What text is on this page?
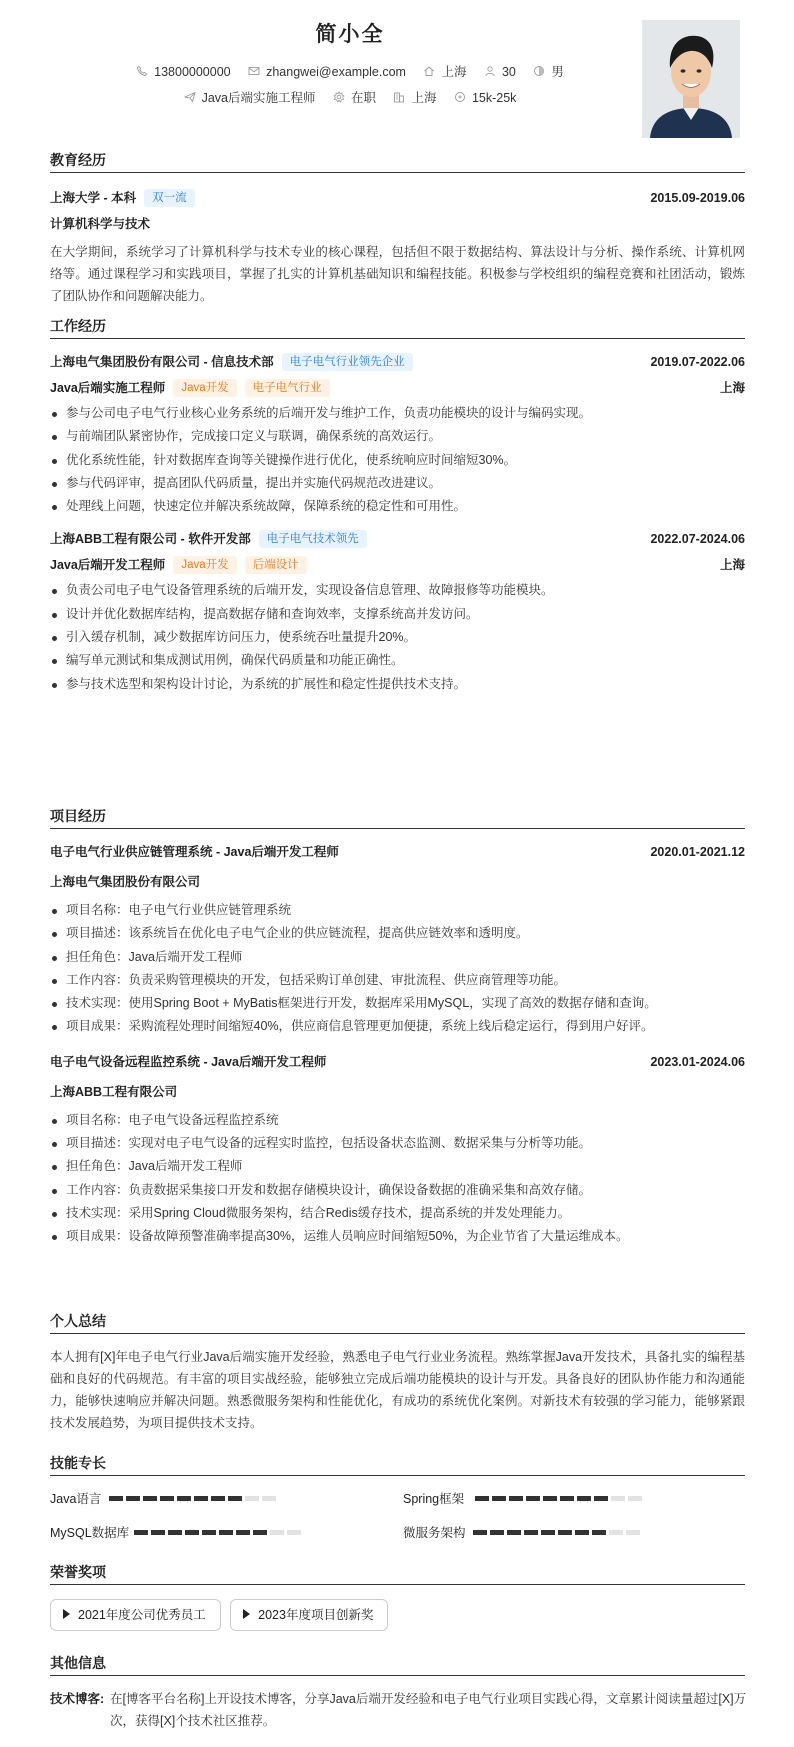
简小全
13800000000	zhangwei@example.com	上海	30	男
Java后端实施工程师	在职	上海	15k-25k
教育经历
上海大学 - 本科 双一流	2015.09-2019.06
计算机科学与技术
在大学期间，系统学习了计算机科学与技术专业的核心课程，包括但不限于数据结构、算法设计与分析、操作系统、计算机网络等。通过课程学习和实践项目，掌握了扎实的计算机基础知识和编程技能。积极参与学校组织的编程竞赛和社团活动，锻炼了团队协作和问题解决能力。
工作经历
上海电气集团股份有限公司 - 信息技术部 电子电气行业领先企业	2019.07-2022.06
Java后端实施工程师 Java开发 电子电气行业	上海
参与公司电子电气行业核心业务系统的后端开发与维护工作，负责功能模块的设计与编码实现。
与前端团队紧密协作，完成接口定义与联调，确保系统的高效运行。
优化系统性能，针对数据库查询等关键操作进行优化，使系统响应时间缩短30%。
参与代码评审，提高团队代码质量，提出并实施代码规范改进建议。
处理线上问题，快速定位并解决系统故障，保障系统的稳定性和可用性。
上海ABB工程有限公司 - 软件开发部 电子电气技术领先	2022.07-2024.06
Java后端开发工程师 Java开发 后端设计	上海
负责公司电子电气设备管理系统的后端开发，实现设备信息管理、故障报修等功能模块。
设计并优化数据库结构，提高数据存储和查询效率，支撑系统高并发访问。
引入缓存机制，减少数据库访问压力，使系统吞吐量提升20%。
编写单元测试和集成测试用例，确保代码质量和功能正确性。
参与技术选型和架构设计讨论，为系统的扩展性和稳定性提供技术支持。
项目经历
电子电气行业供应链管理系统 - Java后端开发工程师	2020.01-2021.12
上海电气集团股份有限公司
项目名称：电子电气行业供应链管理系统
项目描述：该系统旨在优化电子电气企业的供应链流程，提高供应链效率和透明度。
担任角色：Java后端开发工程师
工作内容：负责采购管理模块的开发，包括采购订单创建、审批流程、供应商管理等功能。
技术实现：使用Spring Boot + MyBatis框架进行开发，数据库采用MySQL，实现了高效的数据存储和查询。
项目成果：采购流程处理时间缩短40%，供应商信息管理更加便捷，系统上线后稳定运行，得到用户好评。
电子电气设备远程监控系统 - Java后端开发工程师	2023.01-2024.06
上海ABB工程有限公司
项目名称：电子电气设备远程监控系统
项目描述：实现对电子电气设备的远程实时监控，包括设备状态监测、数据采集与分析等功能。
担任角色：Java后端开发工程师
工作内容：负责数据采集接口开发和数据存储模块设计，确保设备数据的准确采集和高效存储。
技术实现：采用Spring Cloud微服务架构，结合Redis缓存技术，提高系统的并发处理能力。
项目成果：设备故障预警准确率提高30%，运维人员响应时间缩短50%，为企业节省了大量运维成本。
个人总结
本人拥有[X]年电子电气行业Java后端实施开发经验，熟悉电子电气行业业务流程。熟练掌握Java开发技术，具备扎实的编程基础和良好的代码规范。有丰富的项目实战经验，能够独立完成后端功能模块的设计与开发。具备良好的团队协作能力和沟通能力，能够快速响应并解决问题。熟悉微服务架构和性能优化，有成功的系统优化案例。对新技术有较强的学习能力，能够紧跟技术发展趋势，为项目提供技术支持。
技能专长
Java语言	Spring框架
MySQL数据库	微服务架构
荣誉奖项
2021年度公司优秀员工	2023年度项目创新奖
其他信息
技术博客: 在[博客平台名称]上开设技术博客，分享Java后端开发经验和电子电气行业项目实践心得，文章累计阅读量超过[X]万
次，获得[X]个技术社区推荐。
